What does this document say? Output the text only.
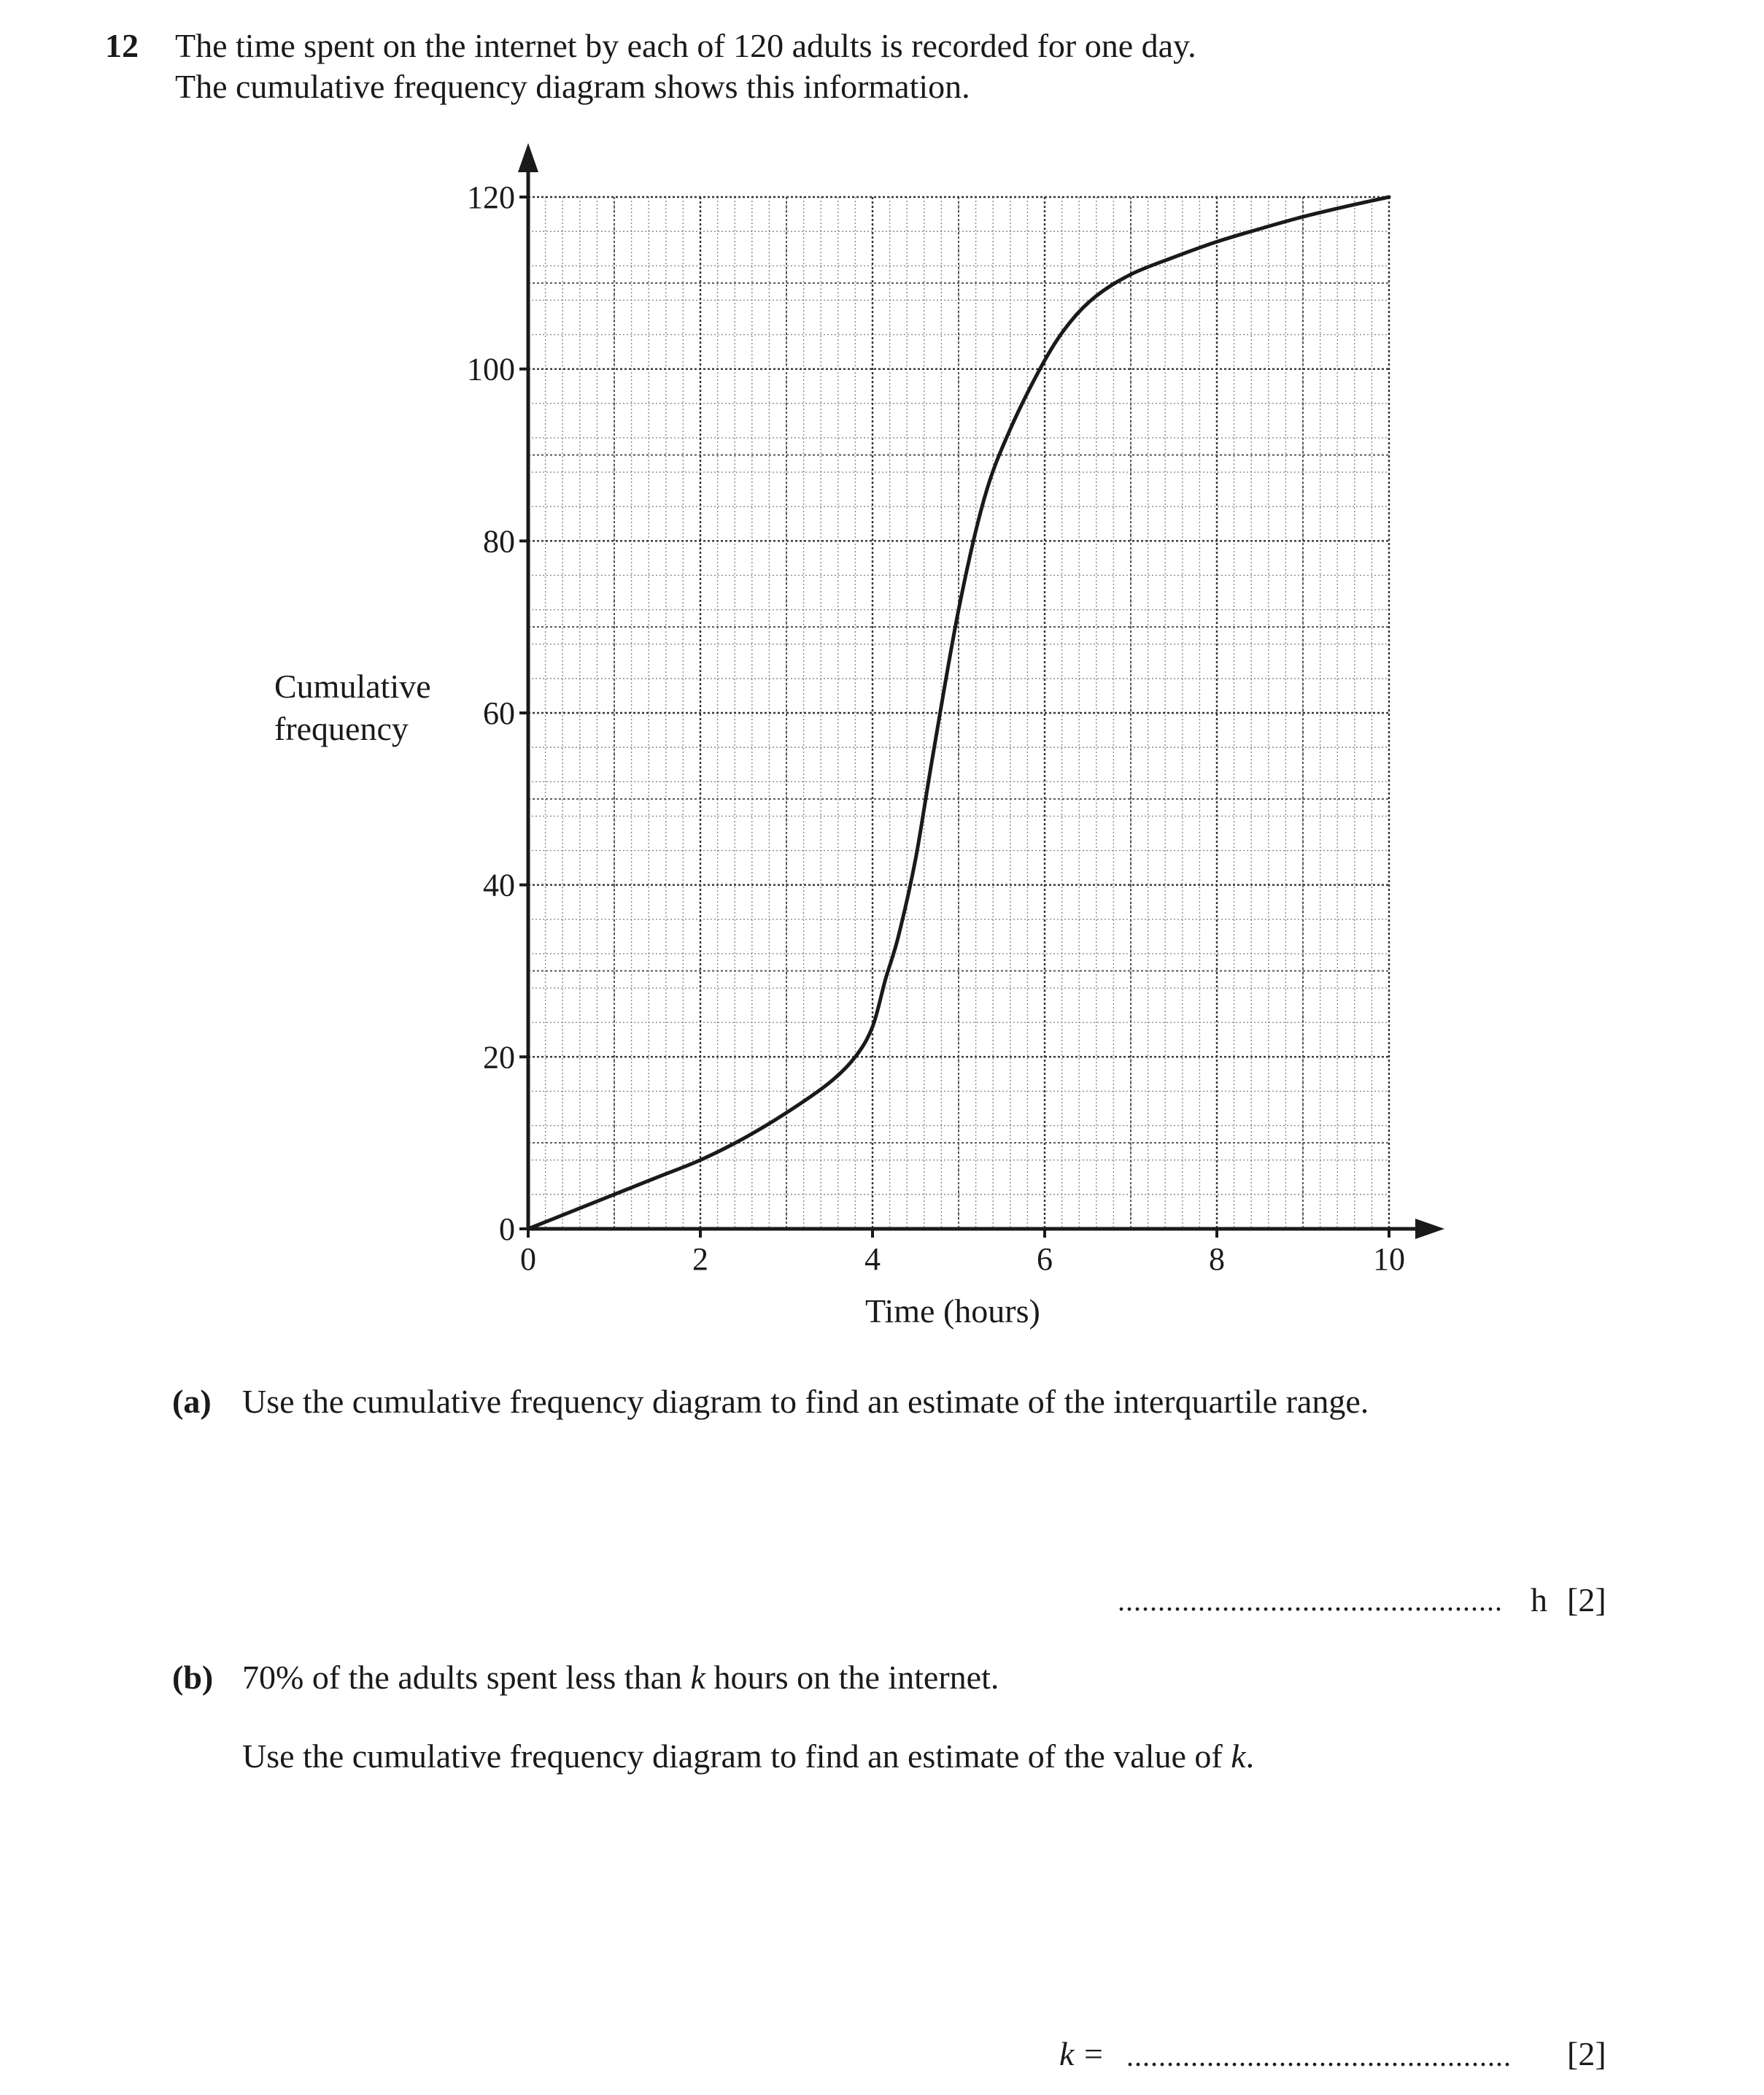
12 The time spent on the internet by each of 120 adults is recorded for one day.
The cumulative frequency diagram shows this information.
0
20
40
60
80
100
120
0	2	4	6	8	10
Cumulative
frequency
Time (hours)
(a) Use the cumulative frequency diagram to find an estimate of the interquartile range.
................................................ h [2]
(b) 70% of the adults spent less than k hours on the internet.
Use the cumulative frequency diagram to find an estimate of the value of k.
k = ................................................ [2]
